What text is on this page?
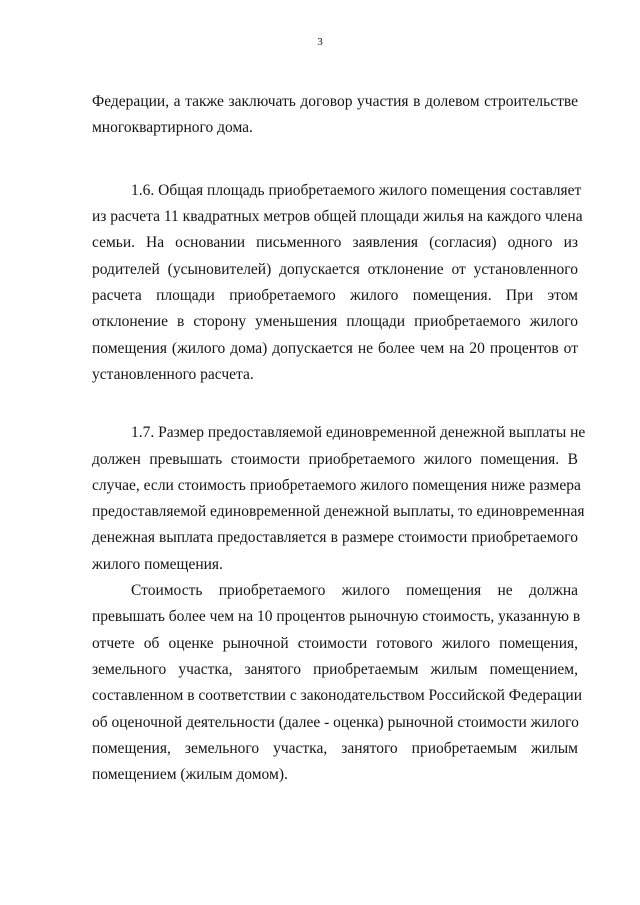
3
Федерации, а также заключать договор участия в долевом строительстве
многоквартирного дома.
1.6. Общая площадь приобретаемого жилого помещения составляет
из расчета 11 квадратных метров общей площади жилья на каждого члена
семьи. На основании письменного заявления (согласия) одного из
родителей (усыновителей) допускается отклонение от установленного
расчета площади приобретаемого жилого помещения. При этом
отклонение в сторону уменьшения площади приобретаемого жилого
помещения (жилого дома) допускается не более чем на 20 процентов от
установленного расчета.
1.7. Размер предоставляемой единовременной денежной выплаты не
должен превышать стоимости приобретаемого жилого помещения. В
случае, если стоимость приобретаемого жилого помещения ниже размера
предоставляемой единовременной денежной выплаты, то единовременная
денежная выплата предоставляется в размере стоимости приобретаемого
жилого помещения.
Стоимость приобретаемого жилого помещения не должна
превышать более чем на 10 процентов рыночную стоимость, указанную в
отчете об оценке рыночной стоимости готового жилого помещения,
земельного участка, занятого приобретаемым жилым помещением,
составленном в соответствии с законодательством Российской Федерации
об оценочной деятельности (далее - оценка) рыночной стоимости жилого
помещения, земельного участка, занятого приобретаемым жилым
помещением (жилым домом).
